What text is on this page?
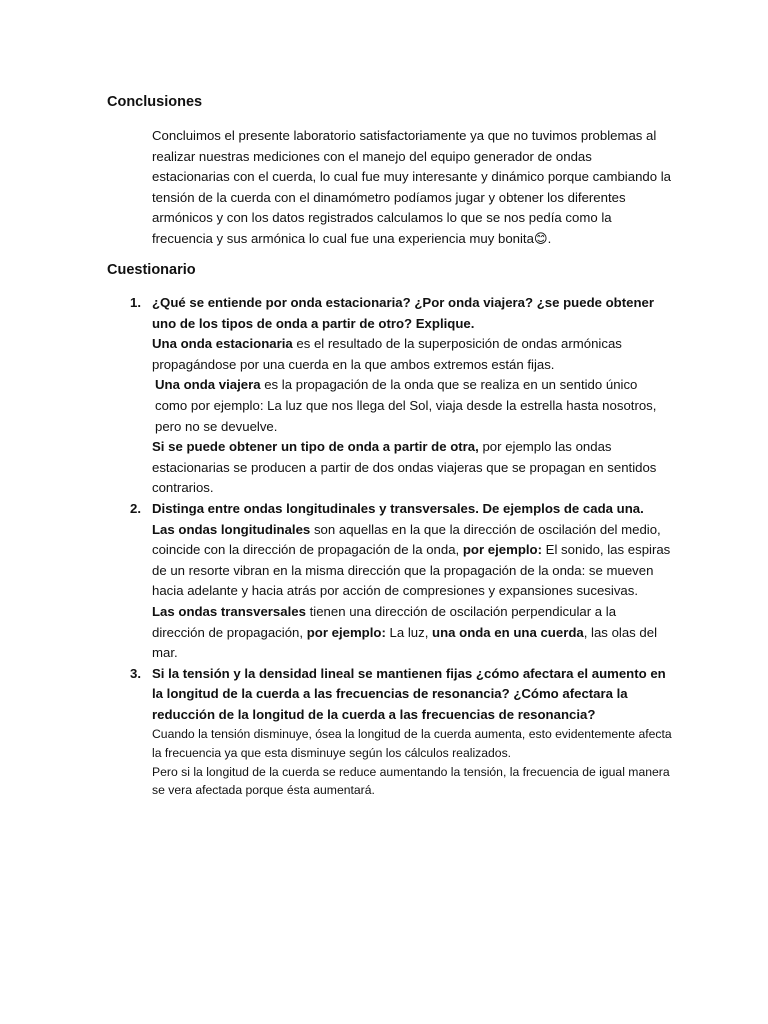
Conclusiones

Concluimos el presente laboratorio satisfactoriamente ya que no tuvimos problemas al realizar nuestras mediciones con el manejo del equipo generador de ondas estacionarias con el cuerda, lo cual fue muy interesante y dinámico porque cambiando la tensión de la cuerda con el dinamómetro podíamos jugar y obtener los diferentes armónicos y con los datos registrados calculamos lo que se nos pedía como la frecuencia y sus armónica lo cual fue una experiencia muy bonita😊.

Cuestionario
1. ¿Qué se entiende por onda estacionaria? ¿Por onda viajera? ¿se puede obtener uno de los tipos de onda a partir de otro? Explique.
Una onda estacionaria es el resultado de la superposición de ondas armónicas propagándose por una cuerda en la que ambos extremos están fijas.
Una onda viajera es la propagación de la onda que se realiza en un sentido único como por ejemplo: La luz que nos llega del Sol, viaja desde la estrella hasta nosotros, pero no se devuelve.
Si se puede obtener un tipo de onda a partir de otra, por ejemplo las ondas estacionarias se producen a partir de dos ondas viajeras que se propagan en sentidos contrarios.
2. Distinga entre ondas longitudinales y transversales. De ejemplos de cada una.
Las ondas longitudinales son aquellas en la que la dirección de oscilación del medio, coincide con la dirección de propagación de la onda, por ejemplo: El sonido, las espiras de un resorte vibran en la misma dirección que la propagación de la onda: se mueven hacia adelante y hacia atrás por acción de compresiones y expansiones sucesivas.
Las ondas transversales tienen una dirección de oscilación perpendicular a la dirección de propagación, por ejemplo: La luz, una onda en una cuerda, las olas del mar.
3. Si la tensión y la densidad lineal se mantienen fijas ¿cómo afectara el aumento en la longitud de la cuerda a las frecuencias de resonancia? ¿Cómo afectara la reducción de la longitud de la cuerda a las frecuencias de resonancia?
Cuando la tensión disminuye, ósea la longitud de la cuerda aumenta, esto evidentemente afecta la frecuencia ya que esta disminuye según los cálculos realizados.
Pero si la longitud de la cuerda se reduce aumentando la tensión, la frecuencia de igual manera se vera afectada porque ésta aumentará.
